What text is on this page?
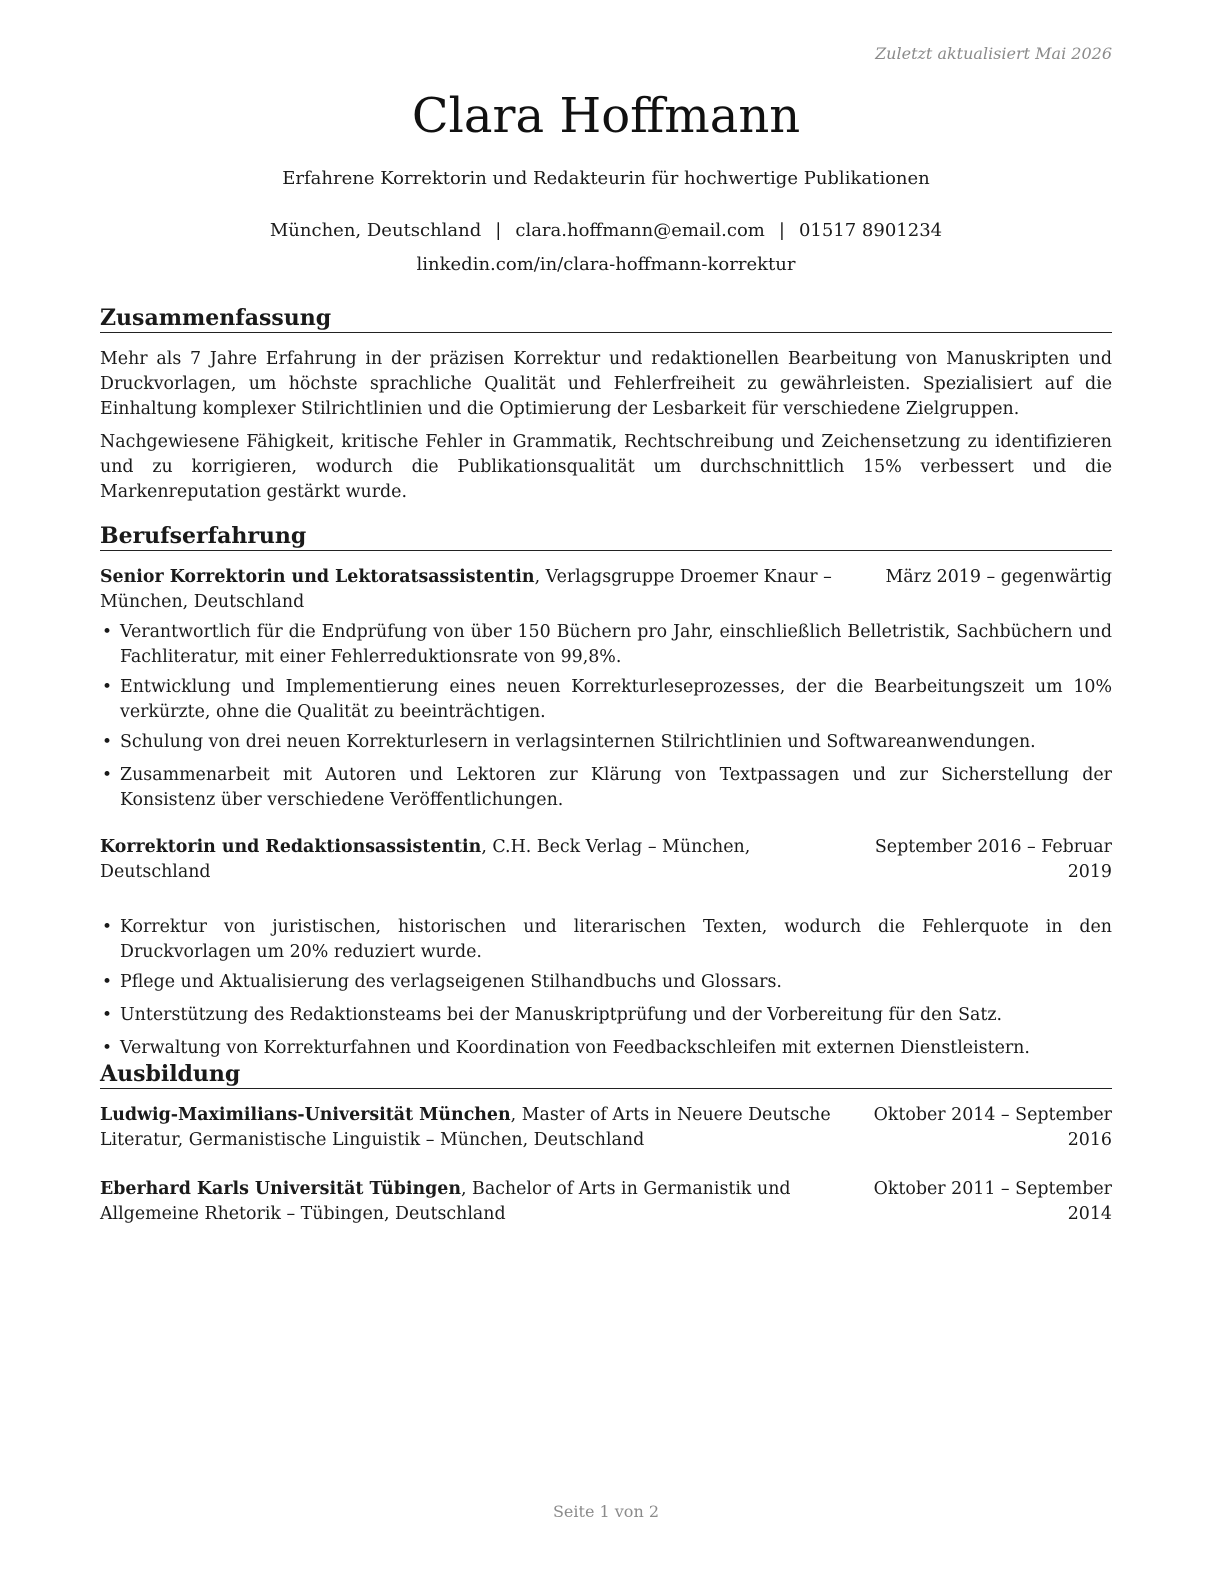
Zuletzt aktualisiert Mai 2026
Clara Hoffmann
Erfahrene Korrektorin und Redakteurin für hochwertige Publikationen
München, Deutschland | clara.hoffmann@email.com | 01517 8901234
linkedin.com/in/clara-hoffmann-korrektur
Zusammenfassung

Mehr als 7 Jahre Erfahrung in der präzisen Korrektur und redaktionellen Bearbeitung von Manuskripten und Druckvorlagen, um höchste sprachliche Qualität und Fehlerfreiheit zu gewährleisten. Spezialisiert auf die Einhaltung komplexer Stilrichtlinien und die Optimierung der Lesbarkeit für verschiedene Zielgruppen.

Nachgewiesene Fähigkeit, kritische Fehler in Grammatik, Rechtschreibung und Zeichensetzung zu identifizieren und zu korrigieren, wodurch die Publikationsqualität um durchschnittlich 15% verbessert und die Markenreputation gestärkt wurde.

Berufserfahrung
Senior Korrektorin und Lektoratsassistentin, Verlagsgruppe Droemer Knaur – München, Deutschland
März 2019 – gegenwärtig
• Verantwortlich für die Endprüfung von über 150 Büchern pro Jahr, einschließlich Belletristik, Sachbüchern und Fachliteratur, mit einer Fehlerreduktionsrate von 99,8%.
• Entwicklung und Implementierung eines neuen Korrekturleseprozesses, der die Bearbeitungszeit um 10% verkürzte, ohne die Qualität zu beeinträchtigen.
• Schulung von drei neuen Korrekturlesern in verlagsinternen Stilrichtlinien und Softwareanwendungen.
• Zusammenarbeit mit Autoren und Lektoren zur Klärung von Textpassagen und zur Sicherstellung der Konsistenz über verschiedene Veröffentlichungen.
Korrektorin und Redaktionsassistentin, C.H. Beck Verlag – München, Deutschland
September 2016 – Februar 2019
• Korrektur von juristischen, historischen und literarischen Texten, wodurch die Fehlerquote in den Druckvorlagen um 20% reduziert wurde.
• Pflege und Aktualisierung des verlagseigenen Stilhandbuchs und Glossars.
• Unterstützung des Redaktionsteams bei der Manuskriptprüfung und der Vorbereitung für den Satz.
• Verwaltung von Korrekturfahnen und Koordination von Feedbackschleifen mit externen Dienstleistern.
Ausbildung
Ludwig-Maximilians-Universität München, Master of Arts in Neuere Deutsche Literatur, Germanistische Linguistik – München, Deutschland
Oktober 2014 – September 2016
Eberhard Karls Universität Tübingen, Bachelor of Arts in Germanistik und Allgemeine Rhetorik – Tübingen, Deutschland
Oktober 2011 – September 2014
Seite 1 von 2
